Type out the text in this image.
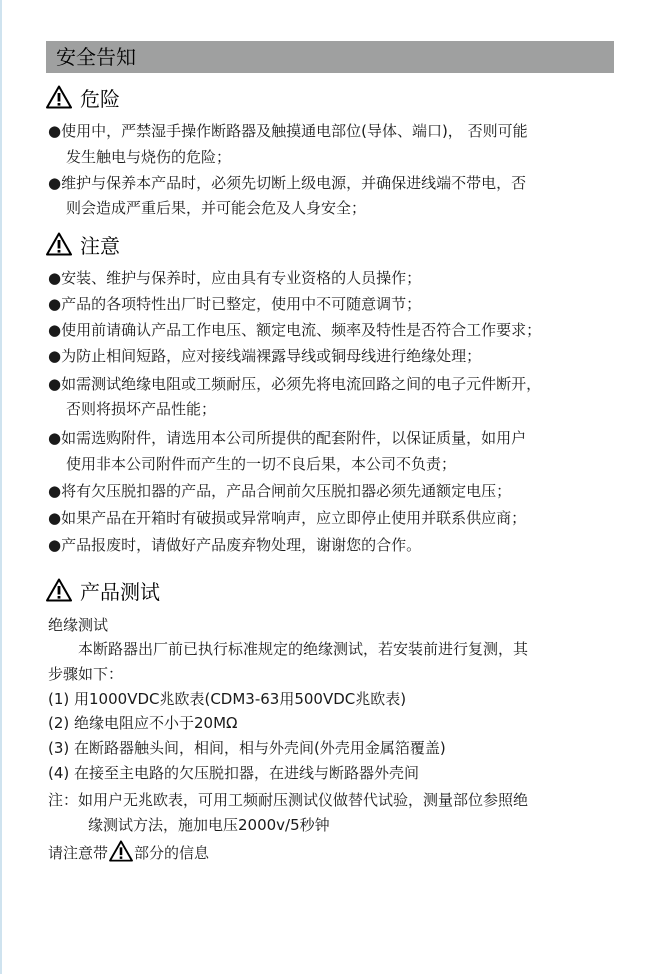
安全告知
危险
●使用中，严禁湿手操作断路器及触摸通电部位(导体、端口)， 否则可能
发生触电与烧伤的危险；
●维护与保养本产品时，必须先切断上级电源，并确保进线端不带电，否
则会造成严重后果，并可能会危及人身安全；
注意
●安装、维护与保养时，应由具有专业资格的人员操作；
●产品的各项特性出厂时已整定，使用中不可随意调节；
●使用前请确认产品工作电压、额定电流、频率及特性是否符合工作要求；
●为防止相间短路，应对接线端裸露导线或铜母线进行绝缘处理；
●如需测试绝缘电阻或工频耐压，必须先将电流回路之间的电子元件断开，
否则将损坏产品性能；
●如需选购附件，请选用本公司所提供的配套附件，以保证质量，如用户
使用非本公司附件而产生的一切不良后果，本公司不负责；
●将有欠压脱扣器的产品，产品合闸前欠压脱扣器必须先通额定电压；
●如果产品在开箱时有破损或异常响声，应立即停止使用并联系供应商；
●产品报废时，请做好产品废弃物处理，谢谢您的合作。
产品测试
绝缘测试
本断路器出厂前已执行标准规定的绝缘测试，若安装前进行复测，其
步骤如下：
(1) 用1000VDC兆欧表(CDM3-63用500VDC兆欧表)
(2) 绝缘电阻应不小于20MΩ
(3) 在断路器触头间，相间，相与外壳间(外壳用金属箔覆盖)
(4) 在接至主电路的欠压脱扣器，在进线与断路器外壳间
注：如用户无兆欧表，可用工频耐压测试仪做替代试验，测量部位参照绝
缘测试方法，施加电压2000v/5秒钟
请注意带 部分的信息
